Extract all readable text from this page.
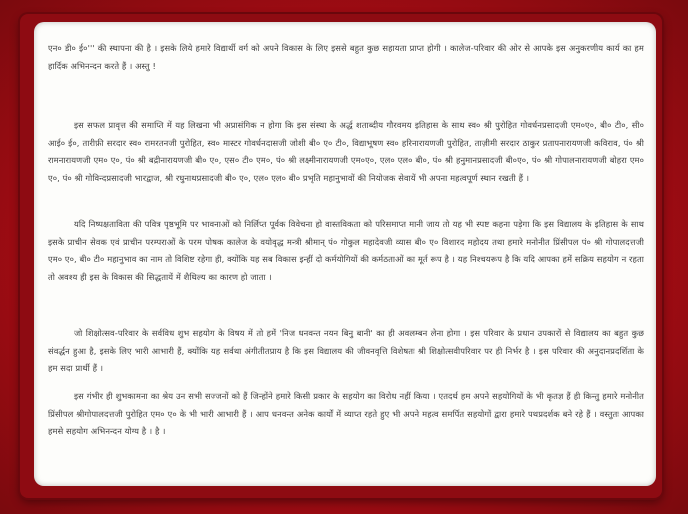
एन० डी० ई०''' की स्थापना की है । इसके लिये हमारे विद्यार्थी वर्ग को अपने विकास के लिए इससे बहुत कुछ सहायता प्राप्त होगी । कालेज-परिवार की ओर से आपके इस अनुकरणीय कार्य का हम हार्दिक अभिनन्दन करते हैं । अस्तु !
इस सफल प्रावृत्त की समाप्ति में यह लिखना भी अप्रासंगिक न होगा कि इस संस्था के अर्द्ध शताब्दीय गौरवमय इतिहास के साथ स्व० श्री पुरोहित गोवर्धनप्रसादजी एम०ए०, बी० टी०, सी० आई० ई०, तारीफ़ी सरदार स्व० रामरतनजी पुरोहित, स्व० मास्टर गोवर्धनदासजी जोशी बी० ए० टी०, विद्याभूषण स्व० हरिनारायणजी पुरोहित, ताज़ीमी सरदार ठाकुर प्रतापनारायणजी कविराव, पं० श्री रामनारायणजी एम० ए०, पं० श्री बद्रीनारायणजी बी० ए०, एस० टी० एम०, पं० श्री लक्ष्मीनारायणजी एम०ए०, एल० एल० बी०, पं० श्री हनुमानप्रसादजी बी०ए०, पं० श्री गोपालनारायणजी बोहरा एम० ए०, पं० श्री गोविन्दप्रसादजी भारद्वाज, श्री रघुनाथप्रसादजी बी० ए०, एल० एल० बी० प्रभृति महानुभावों की नियोजक सेवायें भी अपना महत्वपूर्ण स्थान रखती हैं ।
यदि निष्पक्षताविता की पवित्र पृष्ठभूमि पर भावनाओं को निर्लिप्त पूर्वक विवेचना हो वास्तविकता को परिसमाप्त मानी जाय तो यह भी स्पष्ट कहना पड़ेगा कि इस विद्यालय के इतिहास के साथ इसके प्राचीन सेवक एवं प्राचीन परम्पराओं के परम पोषक कालेज के वयोवृद्ध मन्त्री श्रीमान् पं० गोकुल महादेवजी व्यास बी० ए० विशारद महोदय तथा हमारे मनोनीत प्रिंसीपल पं० श्री गोपालदत्तजी एम० ए०, बी० टी० महानुभाव का नाम तो विशिष्ट रहेगा ही, क्योंकि यह सब विकास इन्हीं दो कर्मयोगियों की कर्मठताओं का मूर्त रूप है । यह निश्चयरूप है कि यदि आपका हमें सक्रिय सहयोग न रहता तो अवश्य ही इस के विकास की सिद्धतायें में शैथिल्य का कारण हो जाता ।
जो शिक्षोत्सव-परिवार के सर्वविध शुभ सहयोग के विषय में तो हमें 'निज धनवन्त नयन बिनु बानी' का ही अवलम्बन लेना होगा । इस परिवार के प्रधान उपकारों से विद्यालय का बहुत कुछ संवर्द्धन हुआ है, इसके लिए भारी आभारी हैं, क्योंकि यह सर्वथा अंगीतीतप्राय है कि इस विद्यालय की जीवनवृत्ति विशेषतः श्री शिक्षोत्सवीपरिवार पर ही निर्भर है । इस परिवार की अनुदानप्रदर्शिता के हम सदा प्रार्थी हैं ।
इस गंभीर ही शुभकामना का श्रेय उन सभी सज्जनों को हैं जिन्होंने हमारे किसी प्रकार के सहयोग का विरोध नहीं किया । एतदर्थ हम अपने सहयोगियों के भी कृतज्ञ हैं ही किन्तु हमारे मनोनीत प्रिंसीपल श्रीगोपालदत्तजी पुरोहित एम० ए० के भी भारी आभारी हैं । आप धनवन्त अनेक कार्यों में व्याप्त रहते हुए भी अपने महत्व समर्पित सहयोगों द्वारा हमारे पथप्रदर्शक बने रहे हैं । वस्तुतः आपका हमसे सहयोग अभिनन्दन योग्य है । है ।
